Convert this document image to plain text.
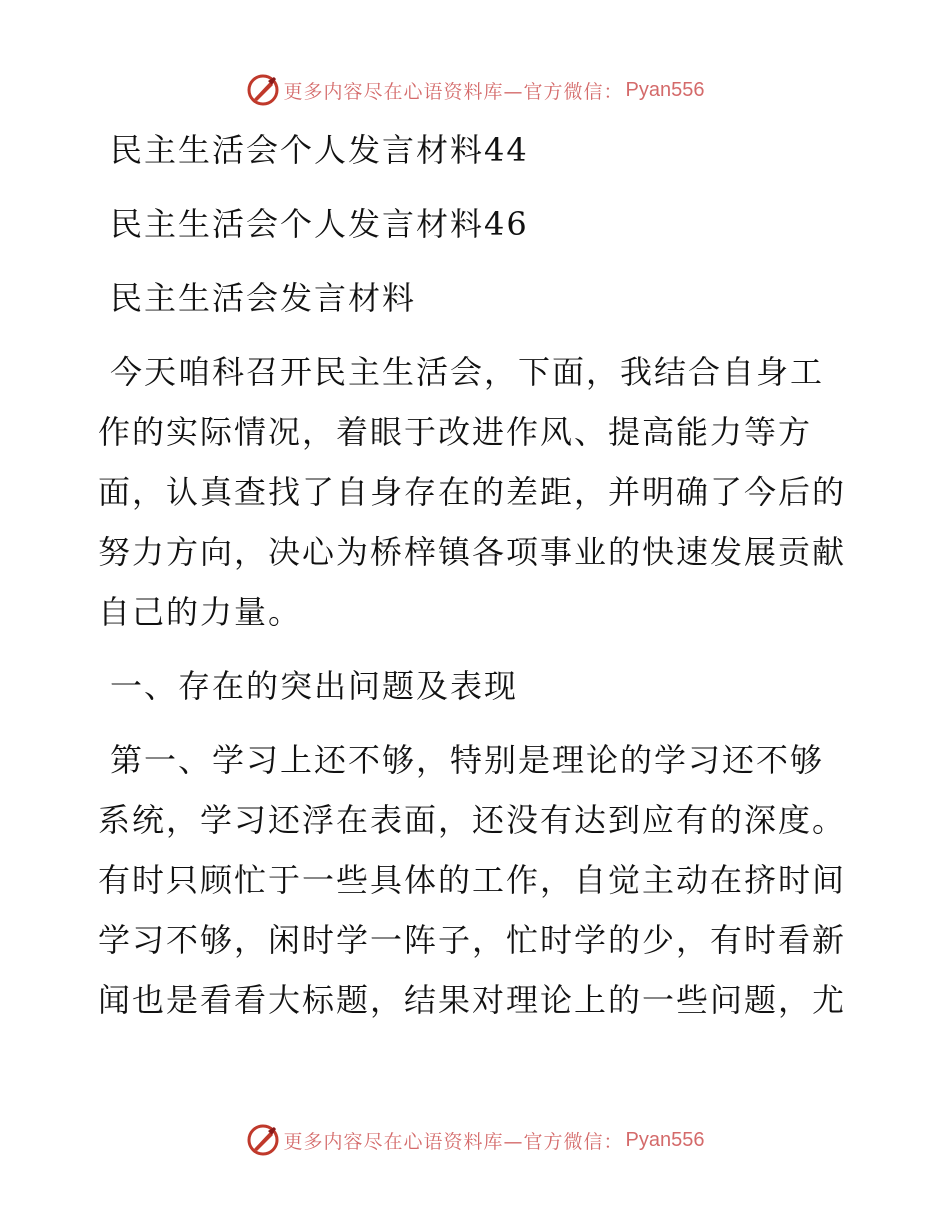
更多内容尽在心语资料库—官方微信： Pyan556
民主生活会个人发言材料44
民主生活会个人发言材料46
民主生活会发言材料
今天咱科召开民主生活会，下面，我结合自身工
作的实际情况，着眼于改进作风、提高能力等方
面，认真查找了自身存在的差距，并明确了今后的
努力方向，决心为桥梓镇各项事业的快速发展贡献
自己的力量。
一、存在的突出问题及表现
第一、学习上还不够，特别是理论的学习还不够
系统，学习还浮在表面，还没有达到应有的深度。
有时只顾忙于一些具体的工作，自觉主动在挤时间
学习不够，闲时学一阵子，忙时学的少，有时看新
闻也是看看大标题，结果对理论上的一些问题，尤
更多内容尽在心语资料库—官方微信： Pyan556
